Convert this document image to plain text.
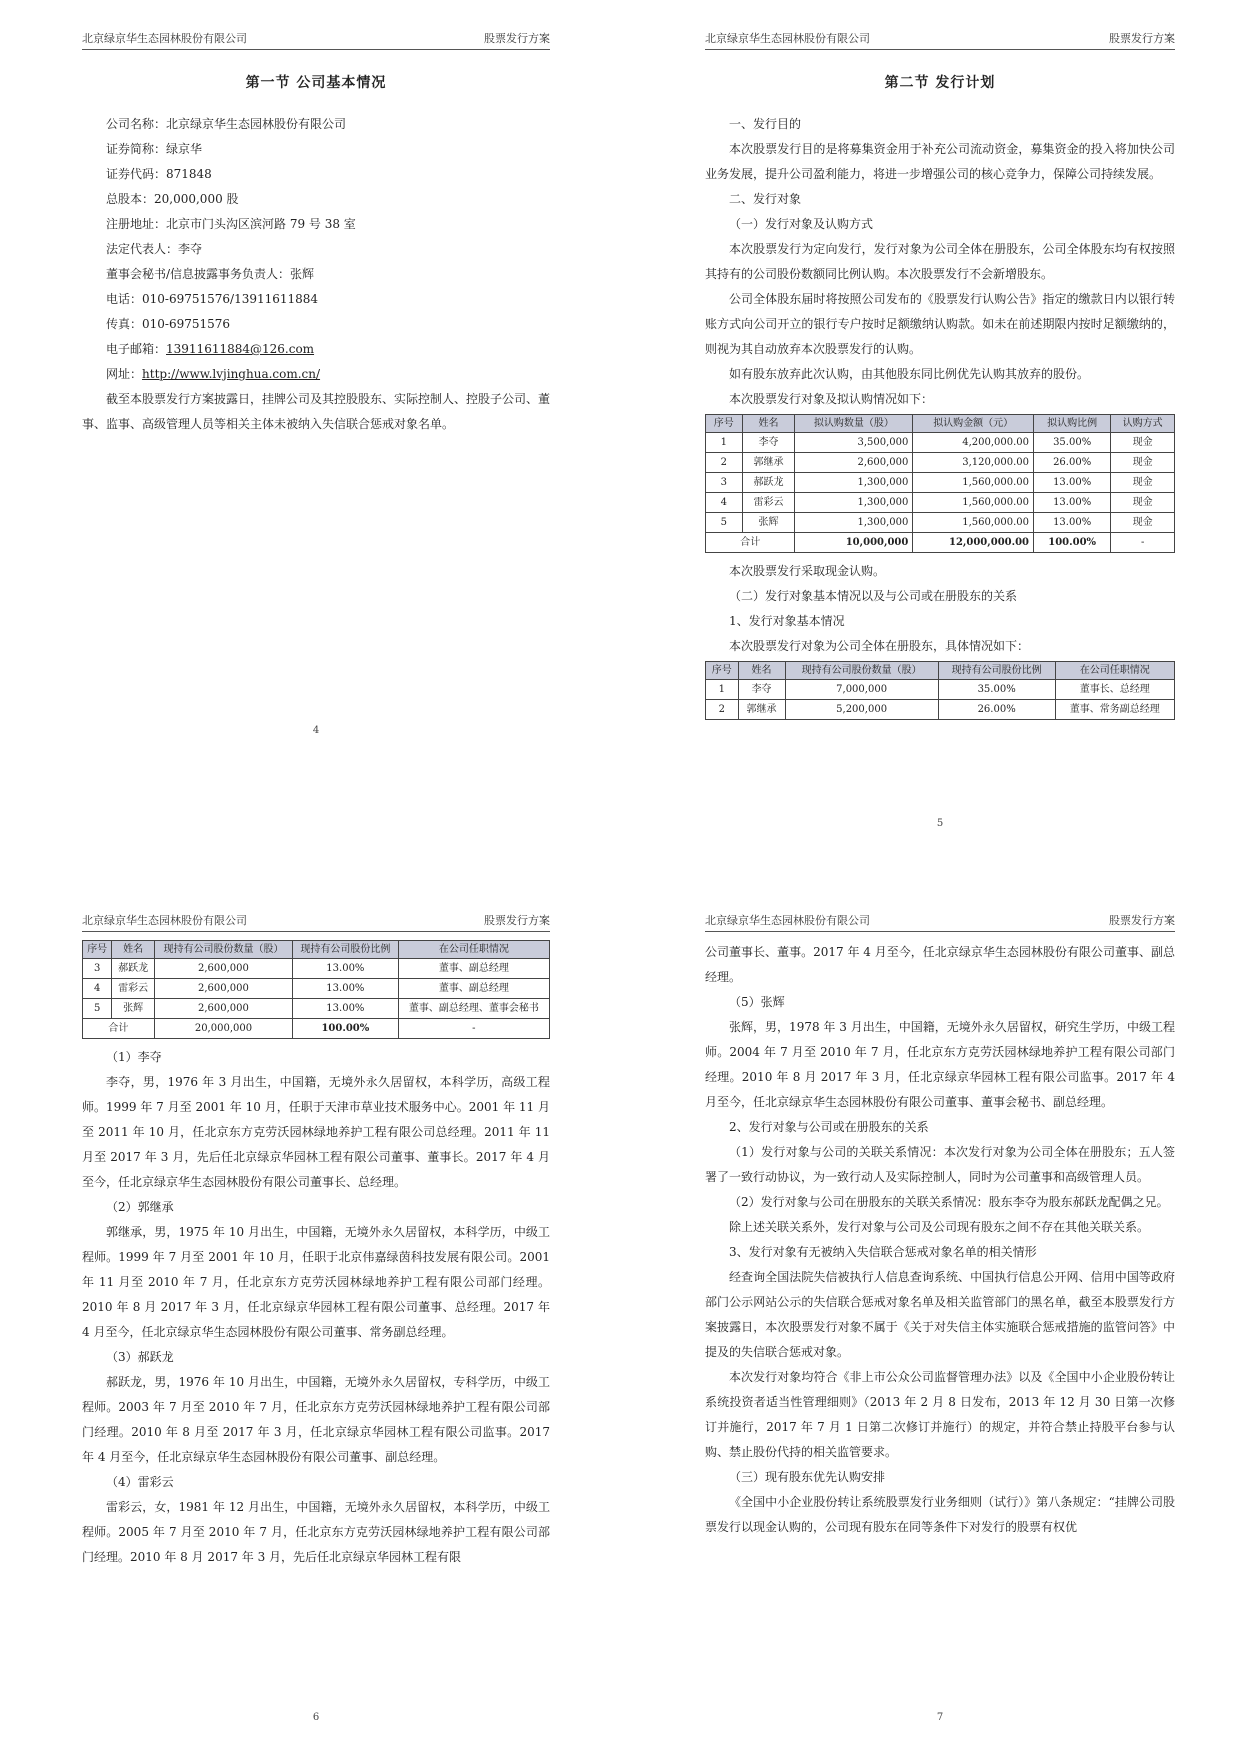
北京绿京华生态园林股份有限公司	股票发行方案
第一节 公司基本情况
公司名称：北京绿京华生态园林股份有限公司
证券简称：绿京华
证券代码：871848
总股本：20,000,000 股
注册地址：北京市门头沟区滨河路 79 号 38 室
法定代表人：李夺
董事会秘书/信息披露事务负责人：张辉
电话：010-69751576/13911611884
传真：010-69751576
电子邮箱：13911611884@126.com
网址：http://www.lvjinghua.com.cn/

截至本股票发行方案披露日，挂牌公司及其控股股东、实际控制人、控股子公司、董事、监事、高级管理人员等相关主体未被纳入失信联合惩戒对象名单。

4
北京绿京华生态园林股份有限公司	股票发行方案
第二节 发行计划
一、发行目的

本次股票发行目的是将募集资金用于补充公司流动资金，募集资金的投入将加快公司业务发展，提升公司盈利能力，将进一步增强公司的核心竞争力，保障公司持续发展。

二、发行对象
（一）发行对象及认购方式

本次股票发行为定向发行，发行对象为公司全体在册股东，公司全体股东均有权按照其持有的公司股份数额同比例认购。本次股票发行不会新增股东。

公司全体股东届时将按照公司发布的《股票发行认购公告》指定的缴款日内以银行转账方式向公司开立的银行专户按时足额缴纳认购款。如未在前述期限内按时足额缴纳的，则视为其自动放弃本次股票发行的认购。

如有股东放弃此次认购，由其他股东同比例优先认购其放弃的股份。

本次股票发行对象及拟认购情况如下：

序号	姓名	拟认购数量（股）	拟认购金额（元）	拟认购比例	认购方式
1	李夺	3,500,000	4,200,000.00	35.00%	现金
2	郭继承	2,600,000	3,120,000.00	26.00%	现金
3	郝跃龙	1,300,000	1,560,000.00	13.00%	现金
4	雷彩云	1,300,000	1,560,000.00	13.00%	现金
5	张辉	1,300,000	1,560,000.00	13.00%	现金
合计		10,000,000	12,000,000.00	100.00%	-

本次股票发行采取现金认购。

（二）发行对象基本情况以及与公司或在册股东的关系
1、发行对象基本情况

本次股票发行对象为公司全体在册股东，具体情况如下：

序号	姓名	现持有公司股份数量（股）	现持有公司股份比例	在公司任职情况
1	李夺	7,000,000	35.00%	董事长、总经理
2	郭继承	5,200,000	26.00%	董事、常务副总经理
5
北京绿京华生态园林股份有限公司	股票发行方案
序号	姓名	现持有公司股份数量（股）	现持有公司股份比例	在公司任职情况
3	郝跃龙	2,600,000	13.00%	董事、副总经理
4	雷彩云	2,600,000	13.00%	董事、副总经理
5	张辉	2,600,000	13.00%	董事、副总经理、董事会秘书
合计		20,000,000	100.00%	-
（1）李夺

李夺，男，1976 年 3 月出生，中国籍，无境外永久居留权，本科学历，高级工程师。1999 年 7 月至 2001 年 10 月，任职于天津市草业技术服务中心。2001 年 11 月至 2011 年 10 月，任北京东方克劳沃园林绿地养护工程有限公司总经理。2011 年 11 月至 2017 年 3 月，先后任北京绿京华园林工程有限公司董事、董事长。2017 年 4 月至今，任北京绿京华生态园林股份有限公司董事长、总经理。

（2）郭继承

郭继承，男，1975 年 10 月出生，中国籍，无境外永久居留权，本科学历，中级工程师。1999 年 7 月至 2001 年 10 月，任职于北京伟嘉绿茵科技发展有限公司。2001 年 11 月至 2010 年 7 月，任北京东方克劳沃园林绿地养护工程有限公司部门经理。2010 年 8 月 2017 年 3 月，任北京绿京华园林工程有限公司董事、总经理。2017 年 4 月至今，任北京绿京华生态园林股份有限公司董事、常务副总经理。

（3）郝跃龙

郝跃龙，男，1976 年 10 月出生，中国籍，无境外永久居留权，专科学历，中级工程师。2003 年 7 月至 2010 年 7 月，任北京东方克劳沃园林绿地养护工程有限公司部门经理。2010 年 8 月至 2017 年 3 月，任北京绿京华园林工程有限公司监事。2017 年 4 月至今，任北京绿京华生态园林股份有限公司董事、副总经理。

（4）雷彩云

雷彩云，女，1981 年 12 月出生，中国籍，无境外永久居留权，本科学历，中级工程师。2005 年 7 月至 2010 年 7 月，任北京东方克劳沃园林绿地养护工程有限公司部门经理。2010 年 8 月 2017 年 3 月，先后任北京绿京华园林工程有限

6
北京绿京华生态园林股份有限公司	股票发行方案

公司董事长、董事。2017 年 4 月至今，任北京绿京华生态园林股份有限公司董事、副总经理。

（5）张辉

张辉，男，1978 年 3 月出生，中国籍，无境外永久居留权，研究生学历，中级工程师。2004 年 7 月至 2010 年 7 月，任北京东方克劳沃园林绿地养护工程有限公司部门经理。2010 年 8 月 2017 年 3 月，任北京绿京华园林工程有限公司监事。2017 年 4 月至今，任北京绿京华生态园林股份有限公司董事、董事会秘书、副总经理。

2、发行对象与公司或在册股东的关系

（1）发行对象与公司的关联关系情况：本次发行对象为公司全体在册股东；五人签署了一致行动协议，为一致行动人及实际控制人，同时为公司董事和高级管理人员。

（2）发行对象与公司在册股东的关联关系情况：股东李夺为股东郝跃龙配偶之兄。

除上述关联关系外，发行对象与公司及公司现有股东之间不存在其他关联关系。

3、发行对象有无被纳入失信联合惩戒对象名单的相关情形

经查询全国法院失信被执行人信息查询系统、中国执行信息公开网、信用中国等政府部门公示网站公示的失信联合惩戒对象名单及相关监管部门的黑名单，截至本股票发行方案披露日，本次股票发行对象不属于《关于对失信主体实施联合惩戒措施的监管问答》中提及的失信联合惩戒对象。

本次发行对象均符合《非上市公众公司监督管理办法》以及《全国中小企业股份转让系统投资者适当性管理细则》（2013 年 2 月 8 日发布，2013 年 12 月 30 日第一次修订并施行，2017 年 7 月 1 日第二次修订并施行）的规定，并符合禁止持股平台参与认购、禁止股份代持的相关监管要求。

（三）现有股东优先认购安排

《全国中小企业股份转让系统股票发行业务细则（试行）》第八条规定：“挂牌公司股票发行以现金认购的，公司现有股东在同等条件下对发行的股票有权优

7
